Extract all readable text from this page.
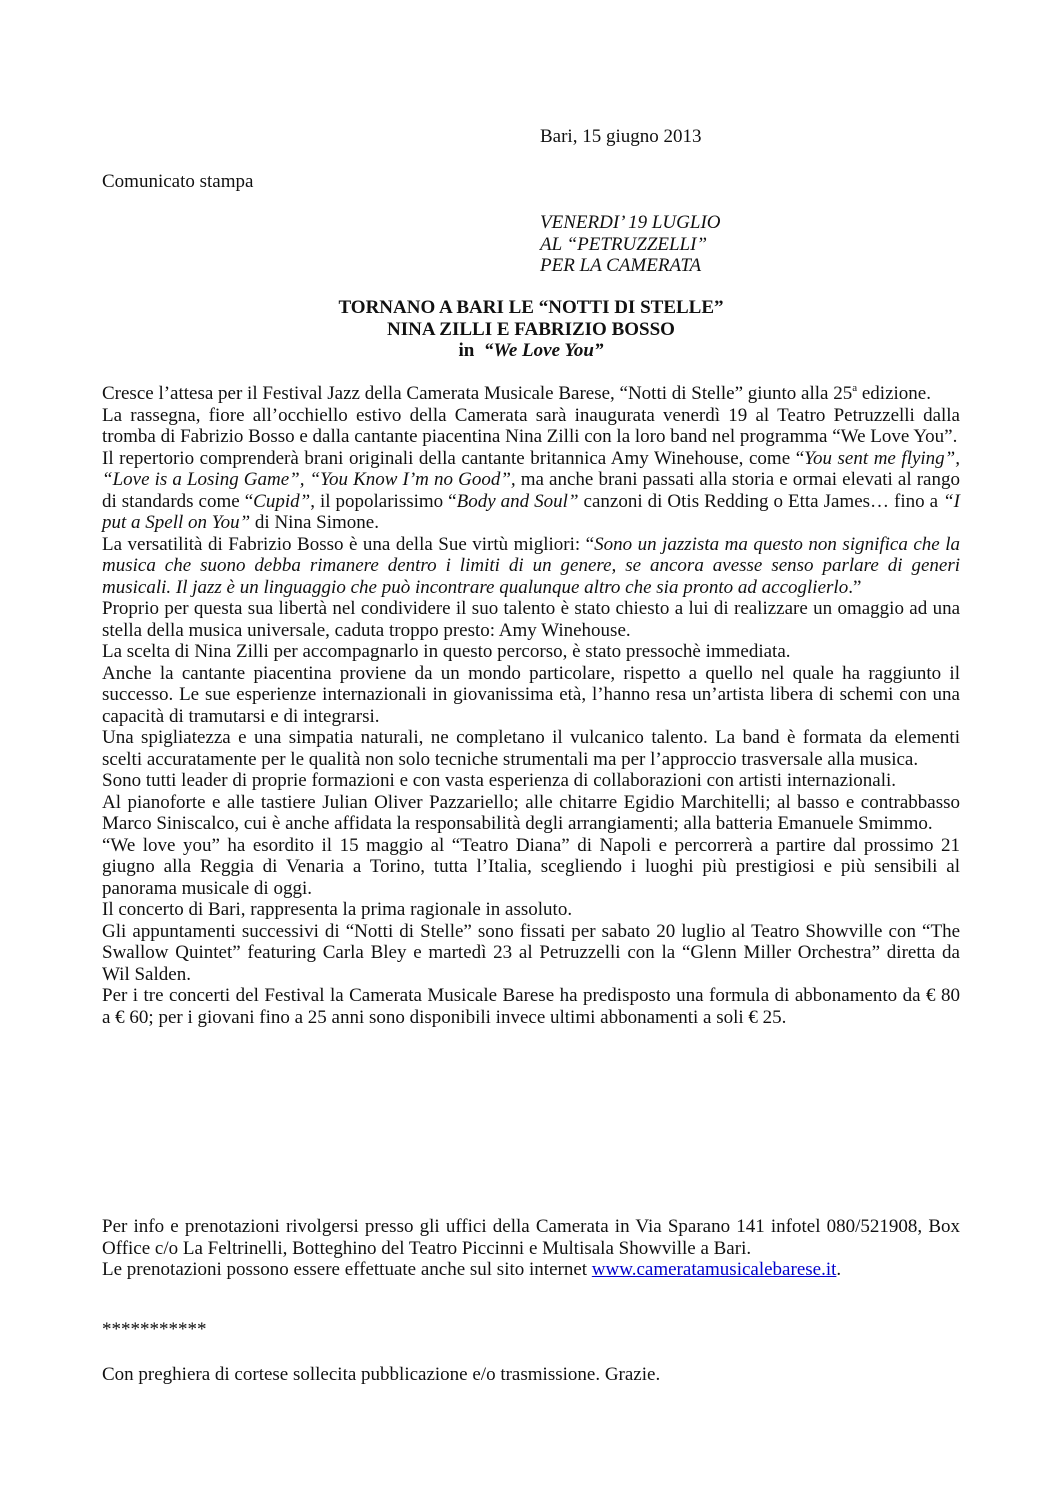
Bari, 15 giugno 2013
Comunicato stampa
VENERDI’ 19 LUGLIO
AL “PETRUZZELLI”
PER LA CAMERATA
TORNANO A BARI LE “NOTTI DI STELLE”
NINA ZILLI E FABRIZIO BOSSO
in “We Love You”

Cresce l’attesa per il Festival Jazz della Camerata Musicale Barese, “Notti di Stelle” giunto alla 25$^a$ edizione.

La rassegna, fiore all’occhiello estivo della Camerata sarà inaugurata venerdì 19 al Teatro Petruzzelli dalla tromba di Fabrizio Bosso e dalla cantante piacentina Nina Zilli con la loro band nel programma “We Love You”.

Il repertorio comprenderà brani originali della cantante britannica Amy Winehouse, come “You sent me flying”, “Love is a Losing Game”, “You Know I’m no Good”, ma anche brani passati alla storia e ormai elevati al rango di standards come “Cupid”, il popolarissimo “Body and Soul” canzoni di Otis Redding o Etta James… fino a “I put a Spell on You” di Nina Simone.

La versatilità di Fabrizio Bosso è una della Sue virtù migliori: “Sono un jazzista ma questo non significa che la musica che suono debba rimanere dentro i limiti di un genere, se ancora avesse senso parlare di generi musicali. Il jazz è un linguaggio che può incontrare qualunque altro che sia pronto ad accoglierlo.”

Proprio per questa sua libertà nel condividere il suo talento è stato chiesto a lui di realizzare un omaggio ad una stella della musica universale, caduta troppo presto: Amy Winehouse.

La scelta di Nina Zilli per accompagnarlo in questo percorso, è stato pressochè immediata.

Anche la cantante piacentina proviene da un mondo particolare, rispetto a quello nel quale ha raggiunto il successo. Le sue esperienze internazionali in giovanissima età, l’hanno resa un’artista libera di schemi con una capacità di tramutarsi e di integrarsi.

Una spigliatezza e una simpatia naturali, ne completano il vulcanico talento. La band è formata da elementi scelti accuratamente per le qualità non solo tecniche strumentali ma per l’approccio trasversale alla musica.

Sono tutti leader di proprie formazioni e con vasta esperienza di collaborazioni con artisti internazionali.

Al pianoforte e alle tastiere Julian Oliver Pazzariello; alle chitarre Egidio Marchitelli; al basso e contrabbasso Marco Siniscalco, cui è anche affidata la responsabilità degli arrangiamenti; alla batteria Emanuele Smimmo.

“We love you” ha esordito il 15 maggio al “Teatro Diana” di Napoli e percorrerà a partire dal prossimo 21 giugno alla Reggia di Venaria a Torino, tutta l’Italia, scegliendo i luoghi più prestigiosi e più sensibili al panorama musicale di oggi.

Il concerto di Bari, rappresenta la prima ragionale in assoluto.

Gli appuntamenti successivi di “Notti di Stelle” sono fissati per sabato 20 luglio al Teatro Showville con “The Swallow Quintet” featuring Carla Bley e martedì 23 al Petruzzelli con la “Glenn Miller Orchestra” diretta da Wil Salden.

Per i tre concerti del Festival la Camerata Musicale Barese ha predisposto una formula di abbonamento da € 80 a € 60; per i giovani fino a 25 anni sono disponibili invece ultimi abbonamenti a soli € 25.

Per info e prenotazioni rivolgersi presso gli uffici della Camerata in Via Sparano 141 infotel 080/521908, Box Office c/o La Feltrinelli, Botteghino del Teatro Piccinni e Multisala Showville a Bari.

Le prenotazioni possono essere effettuate anche sul sito internet www.cameratamusicalebarese.it.

***********
Con preghiera di cortese sollecita pubblicazione e/o trasmissione. Grazie.
